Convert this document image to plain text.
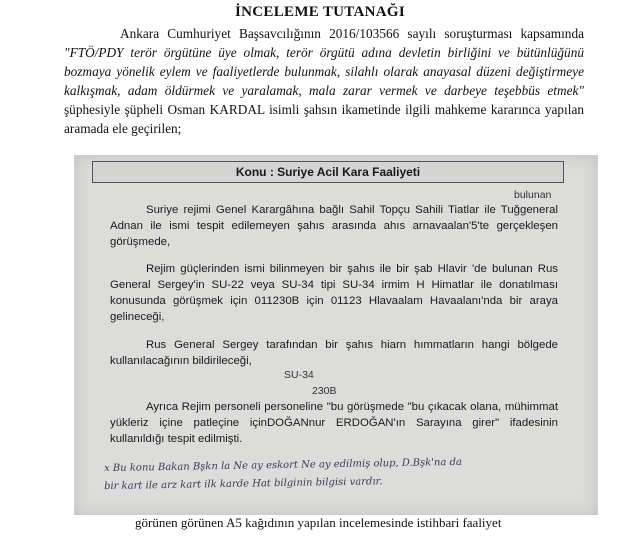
İNCELEME TUTANAĞI
Ankara Cumhuriyet Başsavcılığının 2016/103566 sayılı soruşturması kapsamında "FTÖ/PDY terör örgütüne üye olmak, terör örgütü adına devletin birliğini ve bütünlüğünü bozmaya yönelik eylem ve faaliyetlerde bulunmak, silahlı olarak anayasal düzeni değiştirmeye kalkışmak, adam öldürmek ve yaralamak, mala zarar vermek ve darbeye teşebbüs etmek" şüphesiyle şüpheli Osman KARDAL isimli şahsın ikametinde ilgili mahkeme kararınca yapılan aramada ele geçirilen;
Konu : Suriye Acil Kara Faaliyeti
bulunan
Suriye rejimi Genel Karargâhına bağlı Sahil Topçu Sahili Tiatlar ile Tuğgeneral Adnan ile ismi tespit edilemeyen şahıs arasında ahıs arnavaalan'5'te gerçekleşen görüşmede,
Rejim güçlerinden ismi bilinmeyen bir şahıs ile bir şab Hlavir 'de bulunan Rus General Sergey'in SU-22 veya SU-34 tipi SU-34 irmim H Himatlar ile donatılması konusunda görüşmek için 011230B için 01123 Hlavaalam Havaalanı'nda bir araya gelineceği,
Rus General Sergey tarafından bir şahıs hiarn hımmatların hangi bölgede kullanılacağının bildirileceği,
SU-34
230B
Ayrıca Rejim personeli personeline "bu görüşmede "bu çıkacak olana, mühimmat yükleriz içine patleçine içinDOĞANnur ERDOĞAN'ın Sarayına girer" ifadesinin kullanıldığı tespit edilmişti.
x Bu konu Bakan Bşkn la Ne ay eskort Ne ay edilmiş olup, D.Bşk'na da
bir kart ile arz kart ilk karde Hat bilginin bilgisi vardır.
görünen görünen A5 kağıdının yapılan incelemesinde istihbari faaliyet
